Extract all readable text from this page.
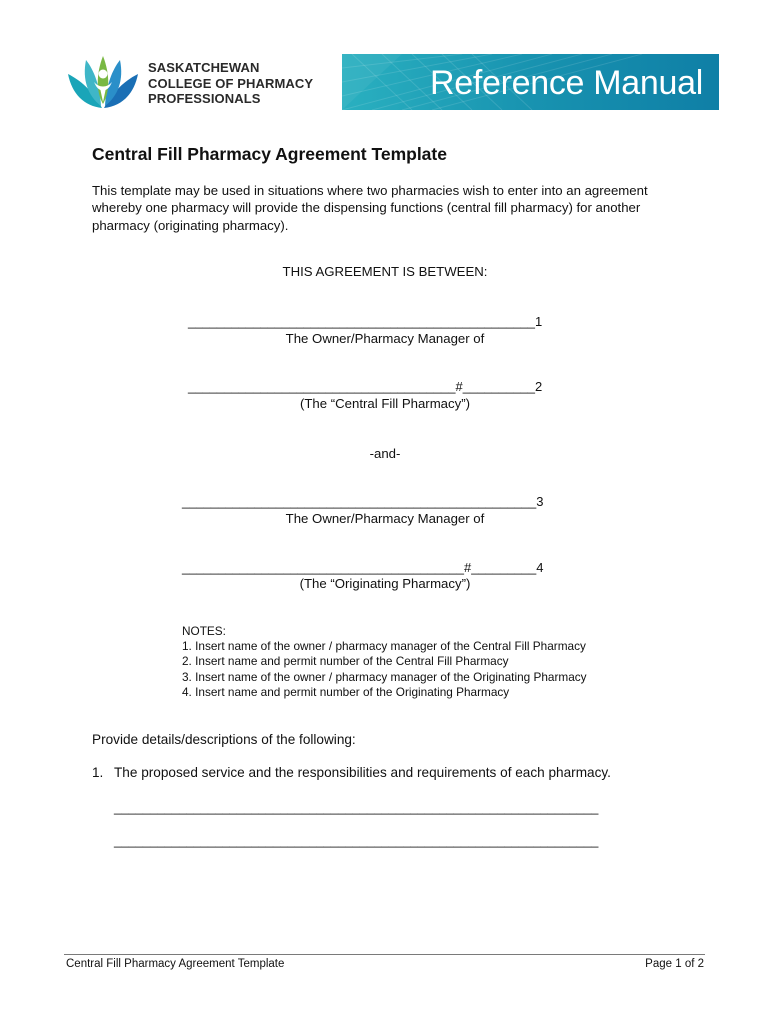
SASKATCHEWAN
COLLEGE OF PHARMACY
PROFESSIONALS	Reference Manual
Central Fill Pharmacy Agreement Template
This template may be used in situations where two pharmacies wish to enter into an agreement whereby one pharmacy will provide the dispensing functions (central fill pharmacy) for another pharmacy (originating pharmacy).
THIS AGREEMENT IS BETWEEN:
________________________________________________1
The Owner/Pharmacy Manager of
_____________________________________#__________2
(The “Central Fill Pharmacy”)
-and-
_________________________________________________3
The Owner/Pharmacy Manager of
_______________________________________#_________4
(The “Originating Pharmacy”)
NOTES:
1. Insert name of the owner / pharmacy manager of the Central Fill Pharmacy
2. Insert name and permit number of the Central Fill Pharmacy
3. Insert name of the owner / pharmacy manager of the Originating Pharmacy
4. Insert name and permit number of the Originating Pharmacy
Provide details/descriptions of the following:
1. The proposed service and the responsibilities and requirements of each pharmacy.
___________________________________________________________________
___________________________________________________________________
Central Fill Pharmacy Agreement Template	Page 1 of 2
